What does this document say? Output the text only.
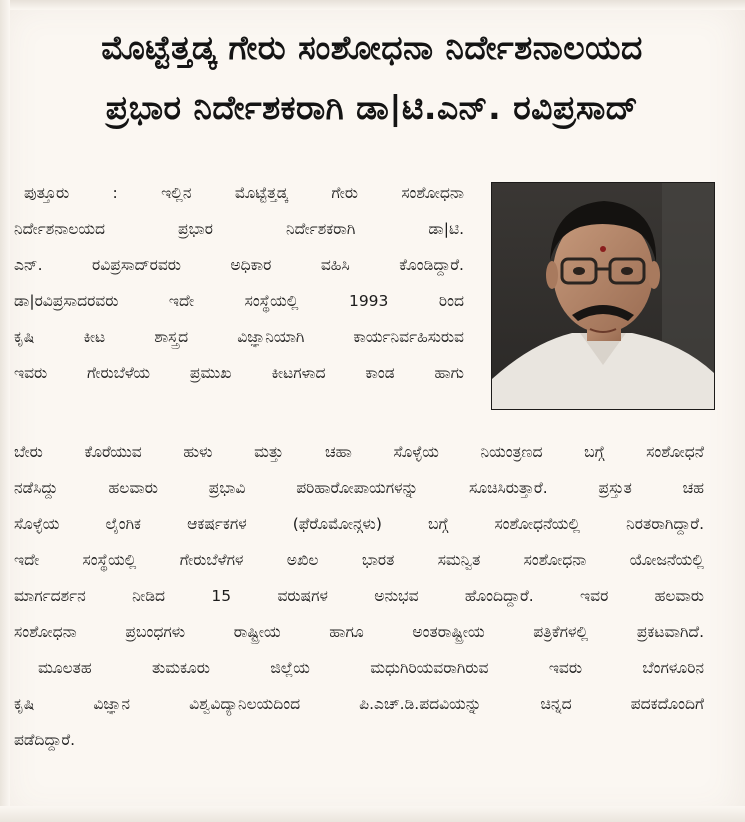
ಮೊಟ್ಟೆತ್ತಡ್ಕ ಗೇರು ಸಂಶೋಧನಾ ನಿರ್ದೇಶನಾಲಯದ
ಪ್ರಭಾರ ನಿರ್ದೇಶಕರಾಗಿ ಡಾ|ಟಿ.ಎನ್. ರವಿಪ್ರಸಾದ್
ಪುತ್ತೂರು : ಇಲ್ಲಿನ ಮೊಟ್ಟೆತ್ತಡ್ಕ ಗೇರು ಸಂಶೋಧನಾ
ನಿರ್ದೇಶನಾಲಯದ ಪ್ರಭಾರ ನಿರ್ದೇಶಕರಾಗಿ ಡಾ|ಟಿ.
ಎನ್. ರವಿಪ್ರಸಾದ್‌ರವರು ಅಧಿಕಾರ ವಹಿಸಿ ಕೊಂಡಿದ್ದಾರೆ.
ಡಾ|ರವಿಪ್ರಸಾದರವರು ಇದೇ ಸಂಸ್ಥೆಯಲ್ಲಿ 1993 ರಿಂದ
ಕೃಷಿ ಕೀಟ ಶಾಸ್ತ್ರದ ವಿಜ್ಞಾನಿಯಾಗಿ ಕಾರ್ಯನಿರ್ವಹಿಸುರುವ
ಇವರು ಗೇರುಬೆಳೆಯ ಪ್ರಮುಖ ಕೀಟಗಳಾದ ಕಾಂಡ ಹಾಗು
ಬೇರು ಕೊರೆಯುವ ಹುಳು ಮತ್ತು ಚಹಾ ಸೊಳ್ಳೆಯ ನಿಯಂತ್ರಣದ ಬಗ್ಗೆ ಸಂಶೋಧನೆ
ನಡೆಸಿದ್ದು ಹಲವಾರು ಪ್ರಭಾವಿ ಪರಿಹಾರೋಪಾಯಗಳನ್ನು ಸೂಚಿಸಿರುತ್ತಾರೆ. ಪ್ರಸ್ತುತ ಚಹ
ಸೊಳ್ಳೆಯ ಲೈಂಗಿಕ ಆಕರ್ಷಕಗಳ (ಫೆರೊಮೋನ್ಗಳು) ಬಗ್ಗೆ ಸಂಶೋಧನೆಯಲ್ಲಿ ನಿರತರಾಗಿದ್ದಾರೆ.
ಇದೇ ಸಂಸ್ಥೆಯಲ್ಲಿ ಗೇರುಬೆಳೆಗಳ ಅಖಿಲ ಭಾರತ ಸಮನ್ವಿತ ಸಂಶೋಧನಾ ಯೋಜನೆಯಲ್ಲಿ
ಮಾರ್ಗದರ್ಶನ ನೀಡಿದ 15 ವರುಷಗಳ ಅನುಭವ ಹೊಂದಿದ್ದಾರೆ. ಇವರ ಹಲವಾರು
ಸಂಶೋಧನಾ ಪ್ರಬಂಧಗಳು ರಾಷ್ಟ್ರೀಯ ಹಾಗೂ ಅಂತರಾಷ್ಟ್ರೀಯ ಪತ್ರಿಕೆಗಳಲ್ಲಿ ಪ್ರಕಟವಾಗಿದೆ.
ಮೂಲತಹ ತುಮಕೂರು ಜಿಲ್ಲೆಯ ಮಧುಗಿರಿಯವರಾಗಿರುವ ಇವರು ಬೆಂಗಳೂರಿನ
ಕೃಷಿ ವಿಜ್ಞಾನ ವಿಶ್ವವಿದ್ಯಾನಿಲಯದಿಂದ ಪಿ.ಎಚ್.ಡಿ.ಪದವಿಯನ್ನು ಚಿನ್ನದ ಪದಕದೊಂದಿಗೆ
ಪಡೆದಿದ್ದಾರೆ.
